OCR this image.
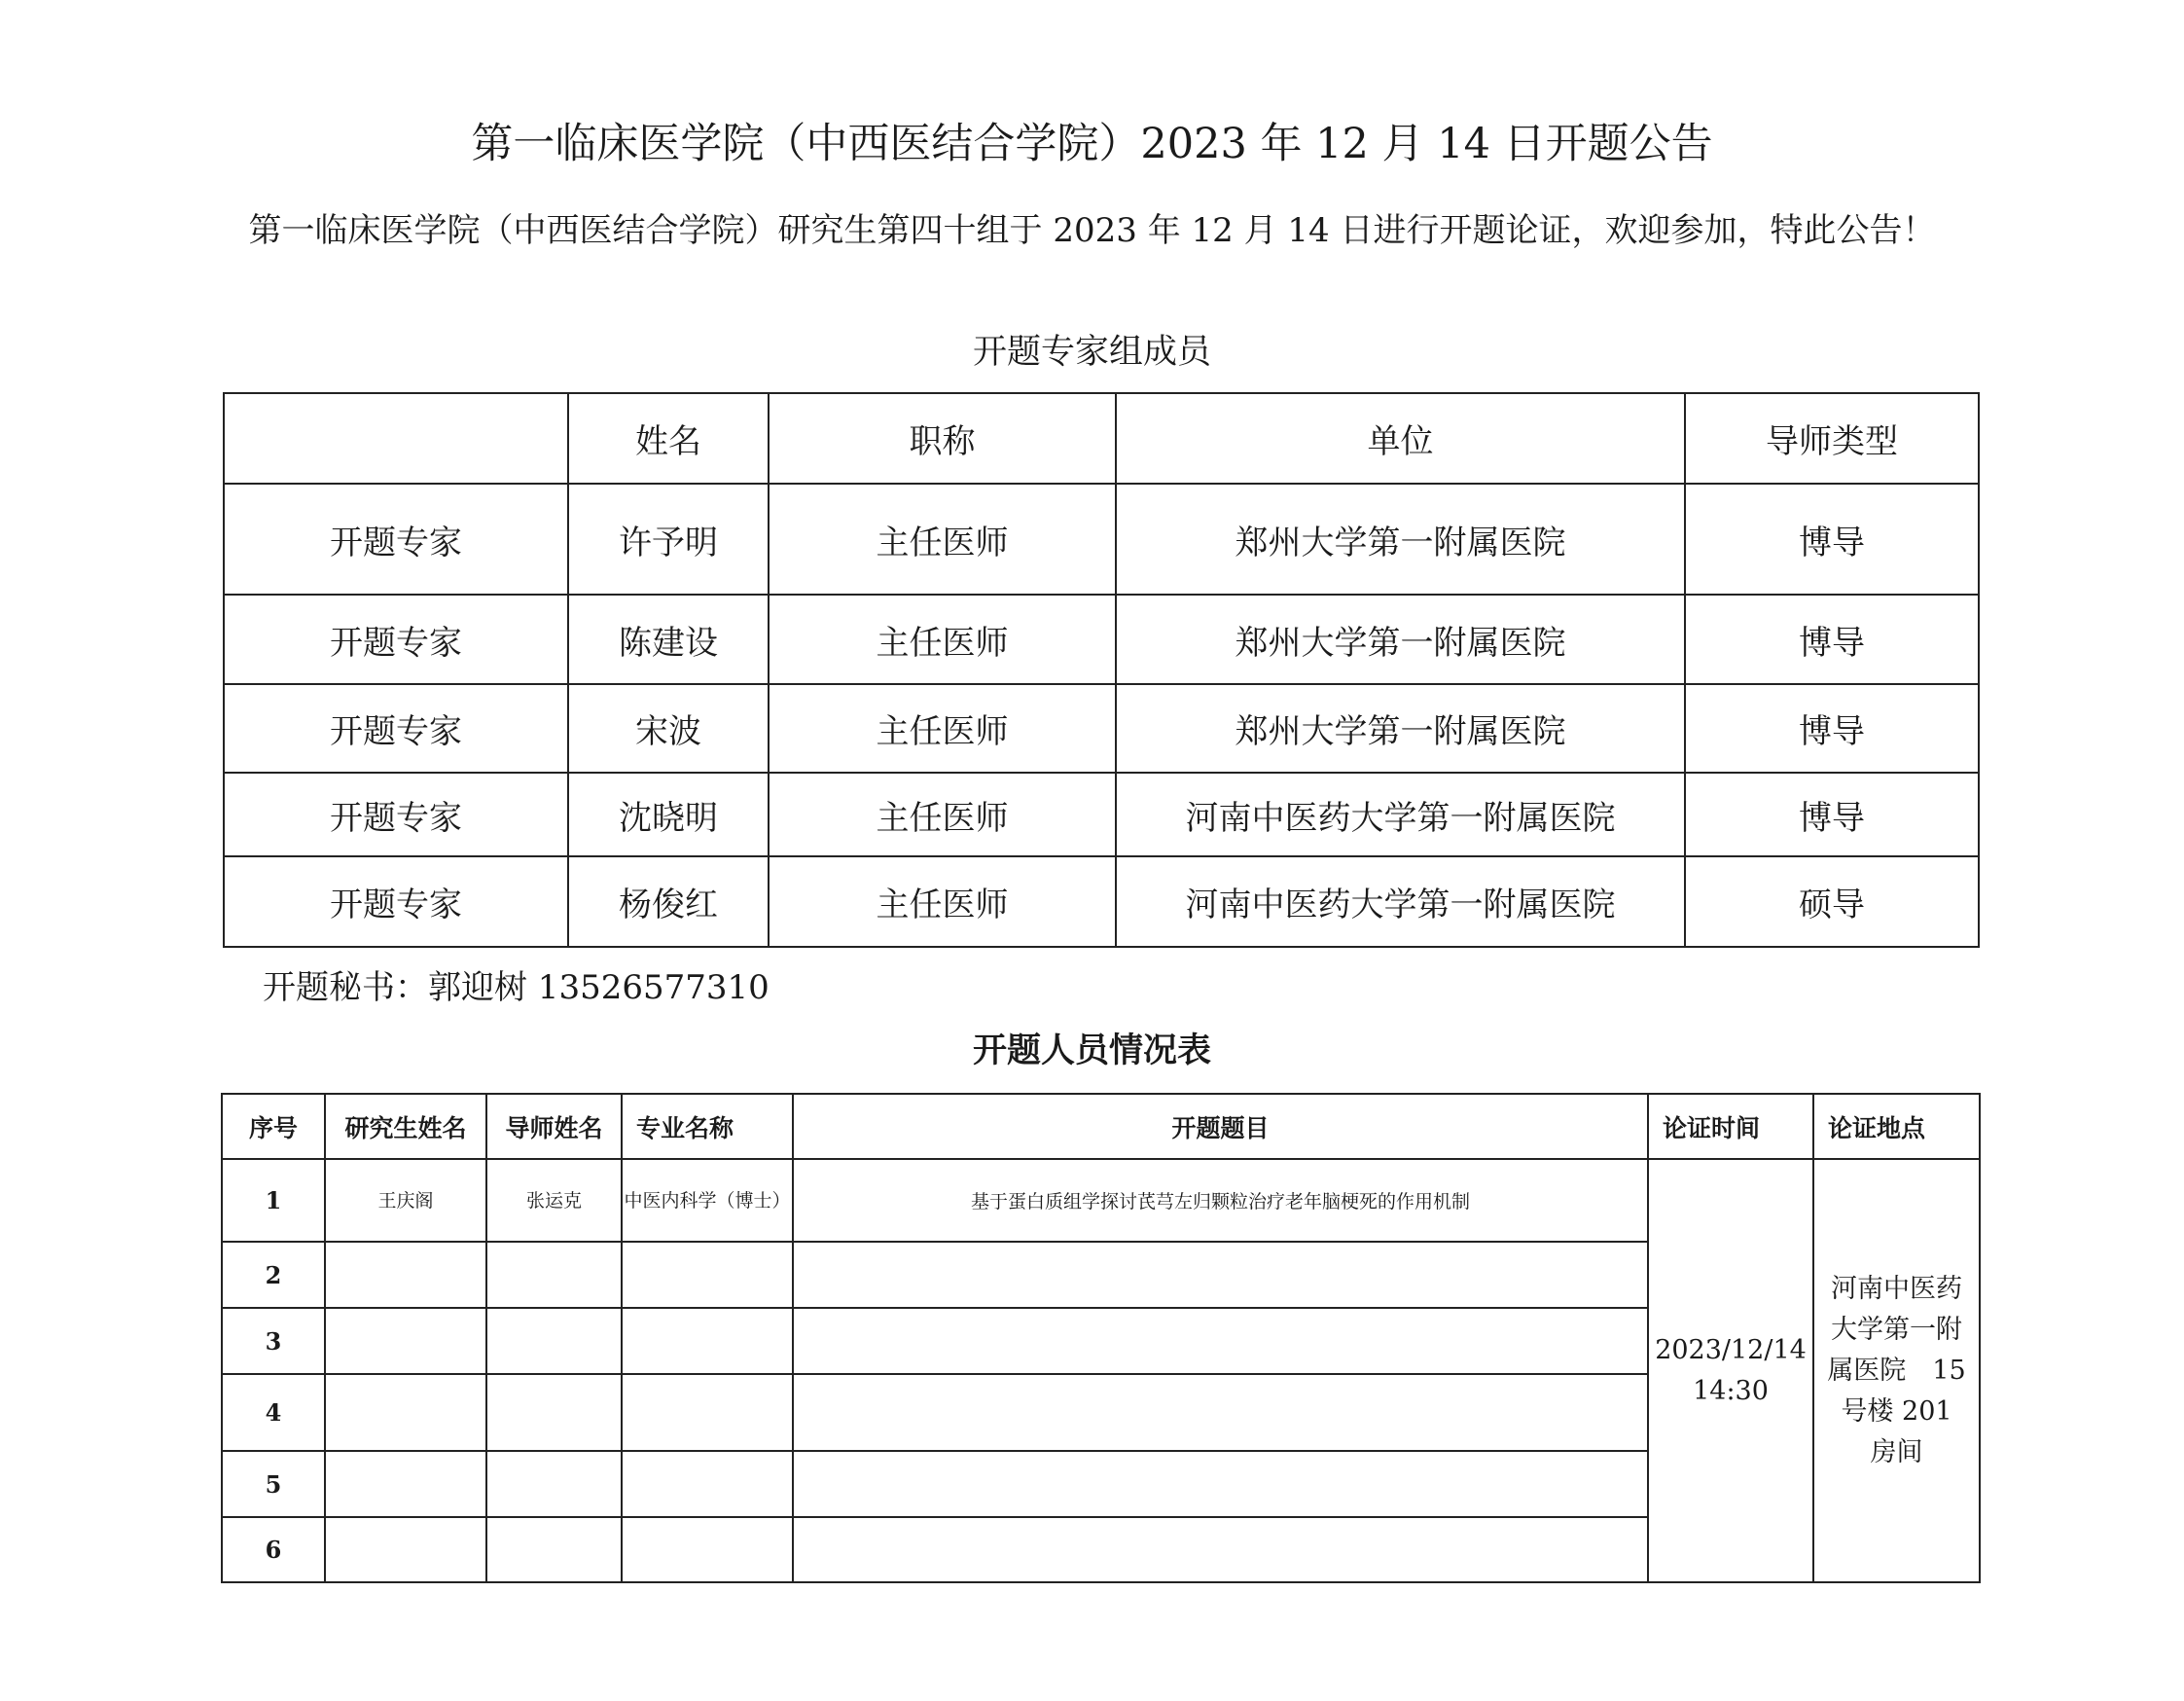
第一临床医学院（中西医结合学院）2023 年 12 月 14 日开题公告
第一临床医学院（中西医结合学院）研究生第四十组于 2023 年 12 月 14 日进行开题论证，欢迎参加，特此公告！
开题专家组成员
	姓名	职称	单位	导师类型
开题专家	许予明	主任医师	郑州大学第一附属医院	博导
开题专家	陈建设	主任医师	郑州大学第一附属医院	博导
开题专家	宋波	主任医师	郑州大学第一附属医院	博导
开题专家	沈晓明	主任医师	河南中医药大学第一附属医院	博导
开题专家	杨俊红	主任医师	河南中医药大学第一附属医院	硕导
开题秘书：郭迎树 13526577310
开题人员情况表
序号	研究生姓名	导师姓名	专业名称	开题题目	论证时间	论证地点
1	王庆阁	张运克	中医内科学（博士）	基于蛋白质组学探讨芪芎左归颗粒治疗老年脑梗死的作用机制	2023/12/14 14:30	河南中医药大学第一附属医院　15 号楼 201 房间
2						
3						
4						
5						
6						
